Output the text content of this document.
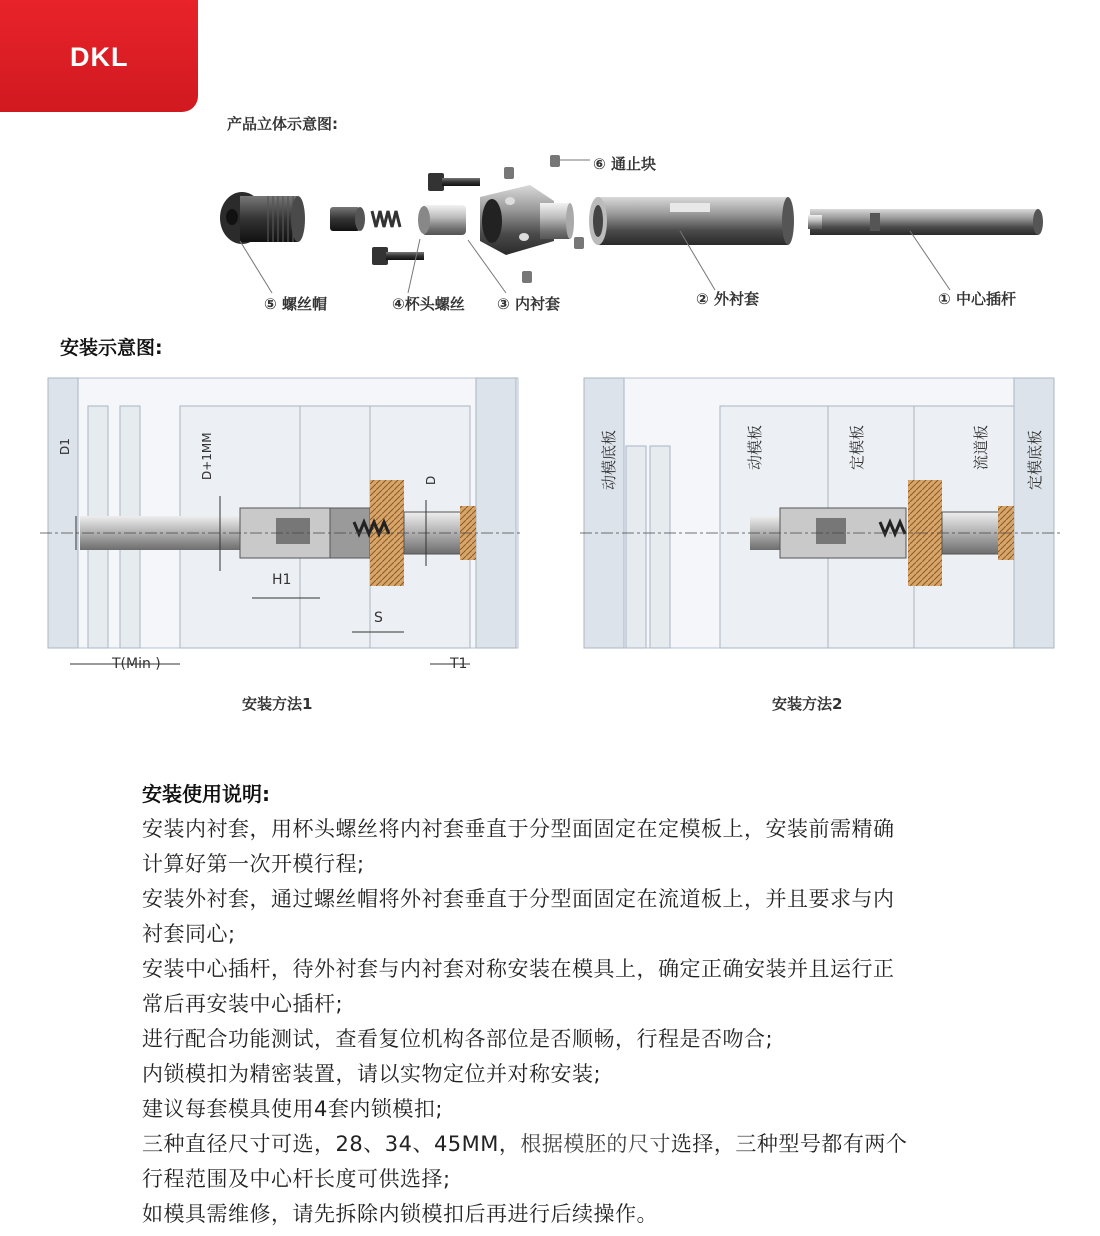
DKL
产品立体示意图:
⑥ 通止块
⑤ 螺丝帽	④杯头螺丝 ③ 内衬套	② 外衬套	① 中心插杆
安装示意图:
D1	D+1MM
D
H1
S
T(Min )	T1
安装方法1
动模底板	动模板	定模板	流道板 定模底板
安装方法2
安装使用说明:
安装内衬套，用杯头螺丝将内衬套垂直于分型面固定在定模板上，安装前需精确
计算好第一次开模行程;
安装外衬套，通过螺丝帽将外衬套垂直于分型面固定在流道板上，并且要求与内
衬套同心;
安装中心插杆，待外衬套与内衬套对称安装在模具上，确定正确安装并且运行正
常后再安装中心插杆;
进行配合功能测试，查看复位机构各部位是否顺畅，行程是否吻合;
内锁模扣为精密装置，请以实物定位并对称安装;
建议每套模具使用4套内锁模扣;
三种直径尺寸可选，28、34、45MM，根据模胚的尺寸选择，三种型号都有两个
行程范围及中心杆长度可供选择;
如模具需维修，请先拆除内锁模扣后再进行后续操作。
